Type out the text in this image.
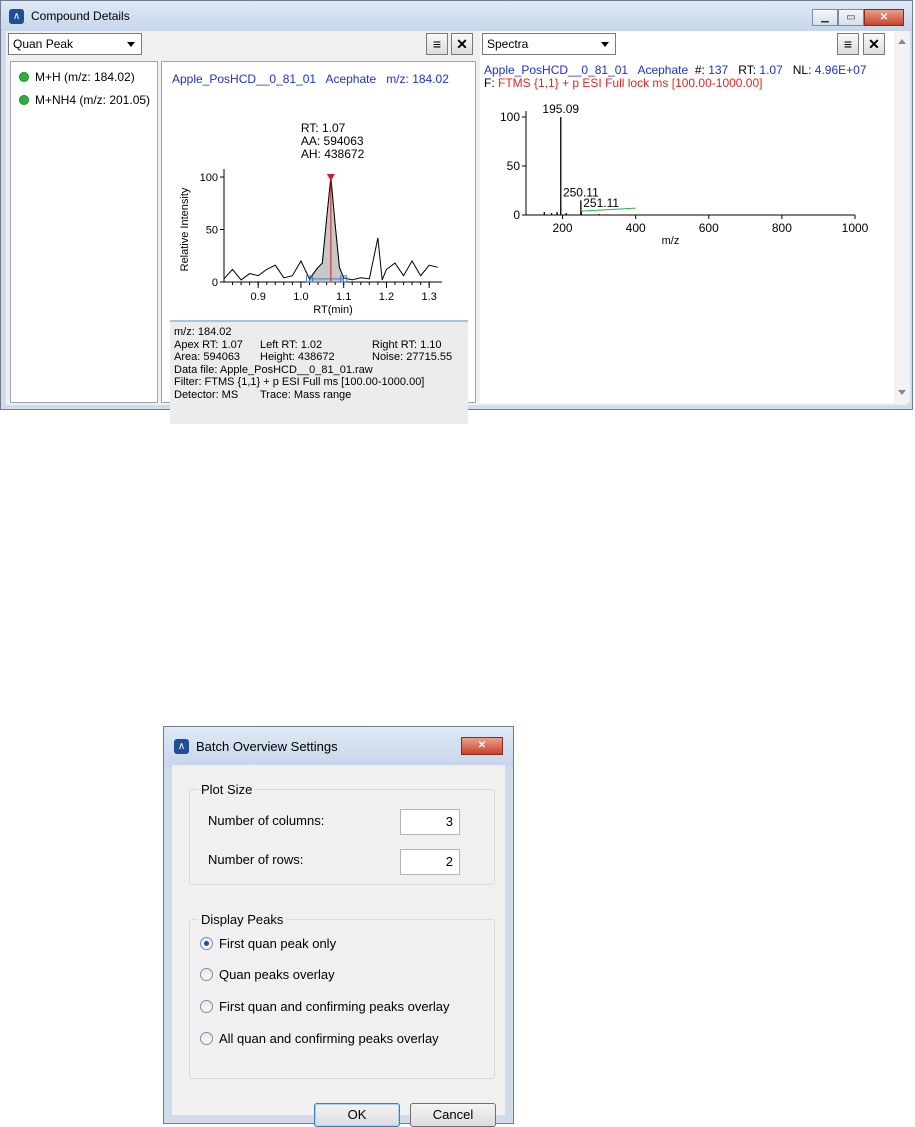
∧ Compound Details	▁	▭	✕
Quan Peak	≡	✕
M+H (m/z: 184.02)
M+NH4 (m/z: 201.05)
Apple_PosHCD__0_81_01 Acephate m/z: 184.02
0
50
100
0.9 1.0 1.1 1.2 1.3
RT(min)
Relative Intensity
RT: 1.07
AA: 594063
AH: 438672
m/z: 184.02
Apex RT: 1.07	Left RT: 1.02	Right RT: 1.10
Area: 594063	Height: 438672	Noise: 27715.55
Data file: Apple_PosHCD__0_81_01.raw
Filter: FTMS {1,1} + p ESI Full ms [100.00-1000.00]
Detector: MS	Trace: Mass range
Spectra	≡	✕
Apple_PosHCD__0_81_01 Acephate #: 137 RT: 1.07 NL: 4.96E+07
F: FTMS {1,1} + p ESI Full lock ms [100.00-1000.00]
0
50
100
200	400	600	800	1000
m/z
195.09
250.11
251.11
∧ Batch Overview Settings	✕
Plot Size
Number of columns:	3
Number of rows:	2
Display Peaks
First quan peak only
Quan peaks overlay
First quan and confirming peaks overlay
All quan and confirming peaks overlay
OK	Cancel
